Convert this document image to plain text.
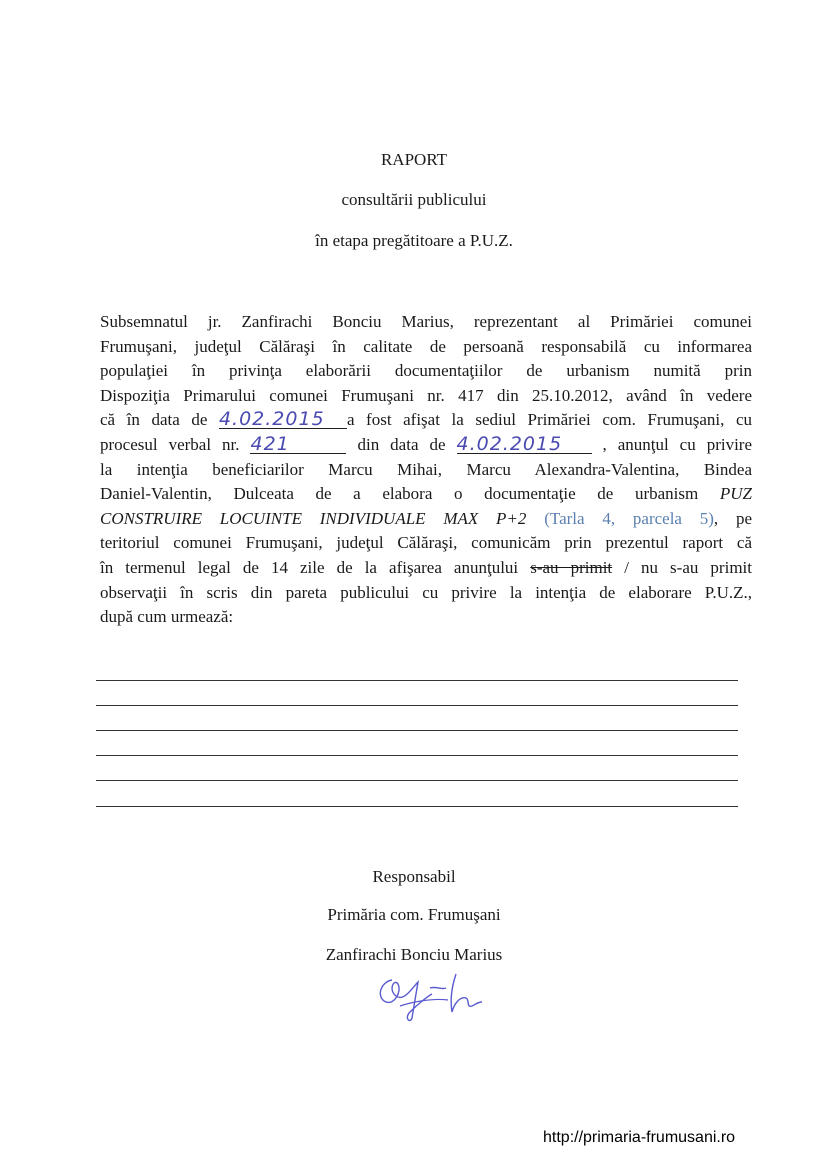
RAPORT
consultării publicului
în etapa pregătitoare a P.U.Z.
Subsemnatul jr. Zanfirachi Bonciu Marius, reprezentant al Primăriei comunei
Frumuşani, judeţul Călăraşi în calitate de persoană responsabilă cu informarea
populaţiei în privinţa elaborării documentaţiilor de urbanism numită prin
Dispoziţia Primarului comunei Frumuşani nr. 417 din 25.10.2012, având în vedere
că în data de 4.02.2015 a fost afişat la sediul Primăriei com. Frumuşani, cu
procesul verbal nr. 421	din data de 4.02.2015 , anunţul cu privire
la intenţia beneficiarilor Marcu Mihai, Marcu Alexandra-Valentina, Bindea
Daniel-Valentin, Dulceata de a elabora o documentaţie de urbanism PUZ
CONSTRUIRE LOCUINTE INDIVIDUALE MAX P+2 (Tarla 4, parcela 5), pe
teritoriul comunei Frumuşani, judeţul Călăraşi, comunicăm prin prezentul raport că
în termenul legal de 14 zile de la afişarea anunţului s-au primit / nu s-au primit
observaţii în scris din pareta publicului cu privire la intenţia de elaborare P.U.Z.,
după cum urmează:
Responsabil
Primăria com. Frumuşani
Zanfirachi Bonciu Marius
http://primaria-frumusani.ro
